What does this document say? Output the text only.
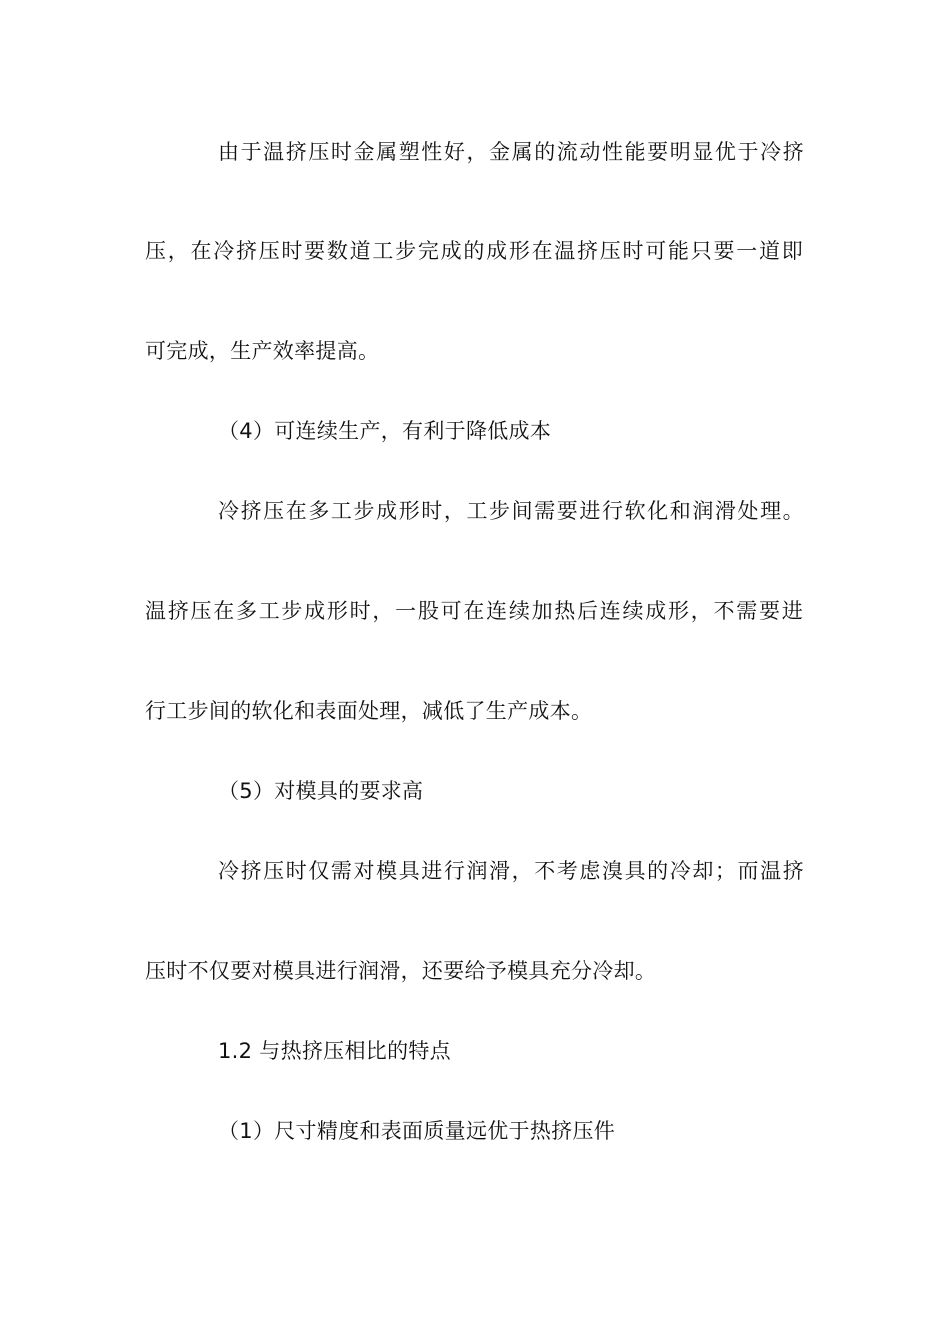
由于温挤压时金属塑性好，金属的流动性能要明显优于冷挤
压，在冷挤压时要数道工步完成的成形在温挤压时可能只要一道即
可完成，生产效率提高。
（4）可连续生产，有利于降低成本
冷挤压在多工步成形时，工步间需要进行软化和润滑处理。
温挤压在多工步成形时，一股可在连续加热后连续成形，不需要进
行工步间的软化和表面处理，减低了生产成本。
（5）对模具的要求高
冷挤压时仅需对模具进行润滑，不考虑溴具的冷却；而温挤
压时不仅要对模具进行润滑，还要给予模具充分冷却。
1.2 与热挤压相比的特点
（1）尺寸精度和表面质量远优于热挤压件
